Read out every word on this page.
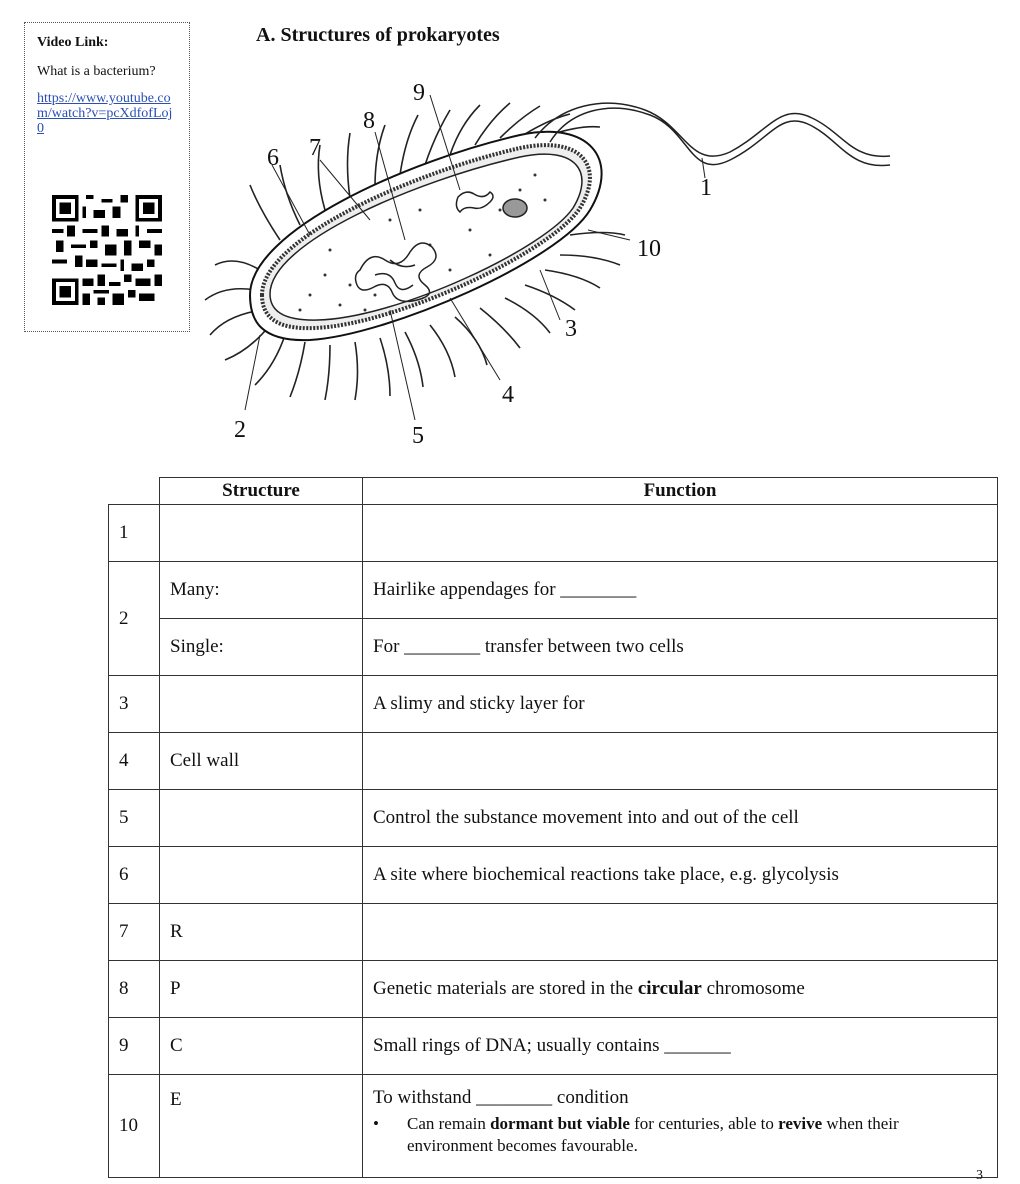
Video Link:
What is a bacterium?
https://www.youtube.com/watch?v=pcXdfofLoj0
A. Structures of prokaryotes
1
2
3
4
5
6 7
8
9
10
	Structure	Function
1		
2	Many:	Hairlike appendages for ________
	Single:	For ________ transfer between two cells
3		A slimy and sticky layer for
4	Cell wall	
5		Control the substance movement into and out of the cell
6		A site where biochemical reactions take place, e.g. glycolysis
7	R	
8	P	Genetic materials are stored in the circular chromosome
9	C	Small rings of DNA; usually contains _______
10	E	To withstand ________ condition
• Can remain dormant but viable for centuries, able to revive when their environment becomes favourable.
3
